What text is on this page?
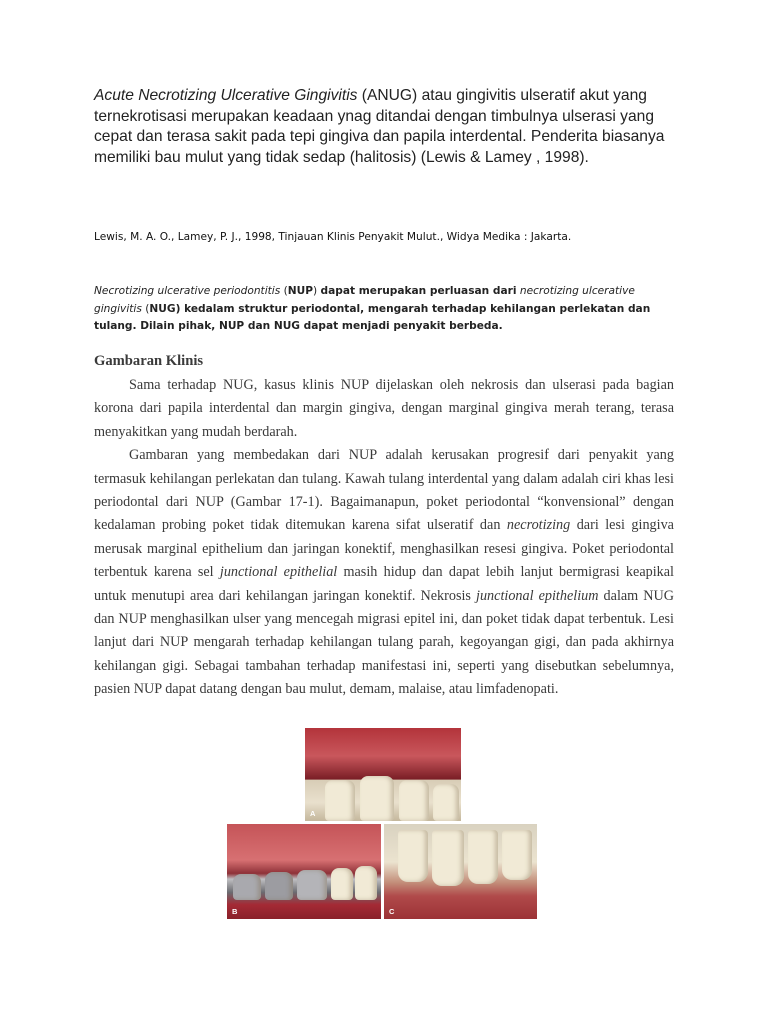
Acute Necrotizing Ulcerative Gingivitis (ANUG) atau gingivitis ulseratif akut yang ternekrotisasi merupakan keadaan ynag ditandai dengan timbulnya ulserasi yang cepat dan terasa sakit pada tepi gingiva dan papila interdental. Penderita biasanya memiliki bau mulut yang tidak sedap (halitosis) (Lewis & Lamey , 1998).

Lewis, M. A. O., Lamey, P. J., 1998, Tinjauan Klinis Penyakit Mulut., Widya Medika : Jakarta.

Necrotizing ulcerative periodontitis (NUP) dapat merupakan perluasan dari necrotizing ulcerative gingivitis (NUG) kedalam struktur periodontal, mengarah terhadap kehilangan perlekatan dan tulang. Dilain pihak, NUP dan NUG dapat menjadi penyakit berbeda.

Gambaran Klinis

Sama terhadap NUG, kasus klinis NUP dijelaskan oleh nekrosis dan ulserasi pada bagian korona dari papila interdental dan margin gingiva, dengan marginal gingiva merah terang, terasa menyakitkan yang mudah berdarah.

Gambaran yang membedakan dari NUP adalah kerusakan progresif dari penyakit yang termasuk kehilangan perlekatan dan tulang. Kawah tulang interdental yang dalam adalah ciri khas lesi periodontal dari NUP (Gambar 17-1). Bagaimanapun, poket periodontal “konvensional” dengan kedalaman probing poket tidak ditemukan karena sifat ulseratif dan necrotizing dari lesi gingiva merusak marginal epithelium dan jaringan konektif, menghasilkan resesi gingiva. Poket periodontal terbentuk karena sel junctional epithelial masih hidup dan dapat lebih lanjut bermigrasi keapikal untuk menutupi area dari kehilangan jaringan konektif. Nekrosis junctional epithelium dalam NUG dan NUP menghasilkan ulser yang mencegah migrasi epitel ini, dan poket tidak dapat terbentuk. Lesi lanjut dari NUP mengarah terhadap kehilangan tulang parah, kegoyangan gigi, dan pada akhirnya kehilangan gigi. Sebagai tambahan terhadap manifestasi ini, seperti yang disebutkan sebelumnya, pasien NUP dapat datang dengan bau mulut, demam, malaise, atau limfadenopati.

A
B	C
